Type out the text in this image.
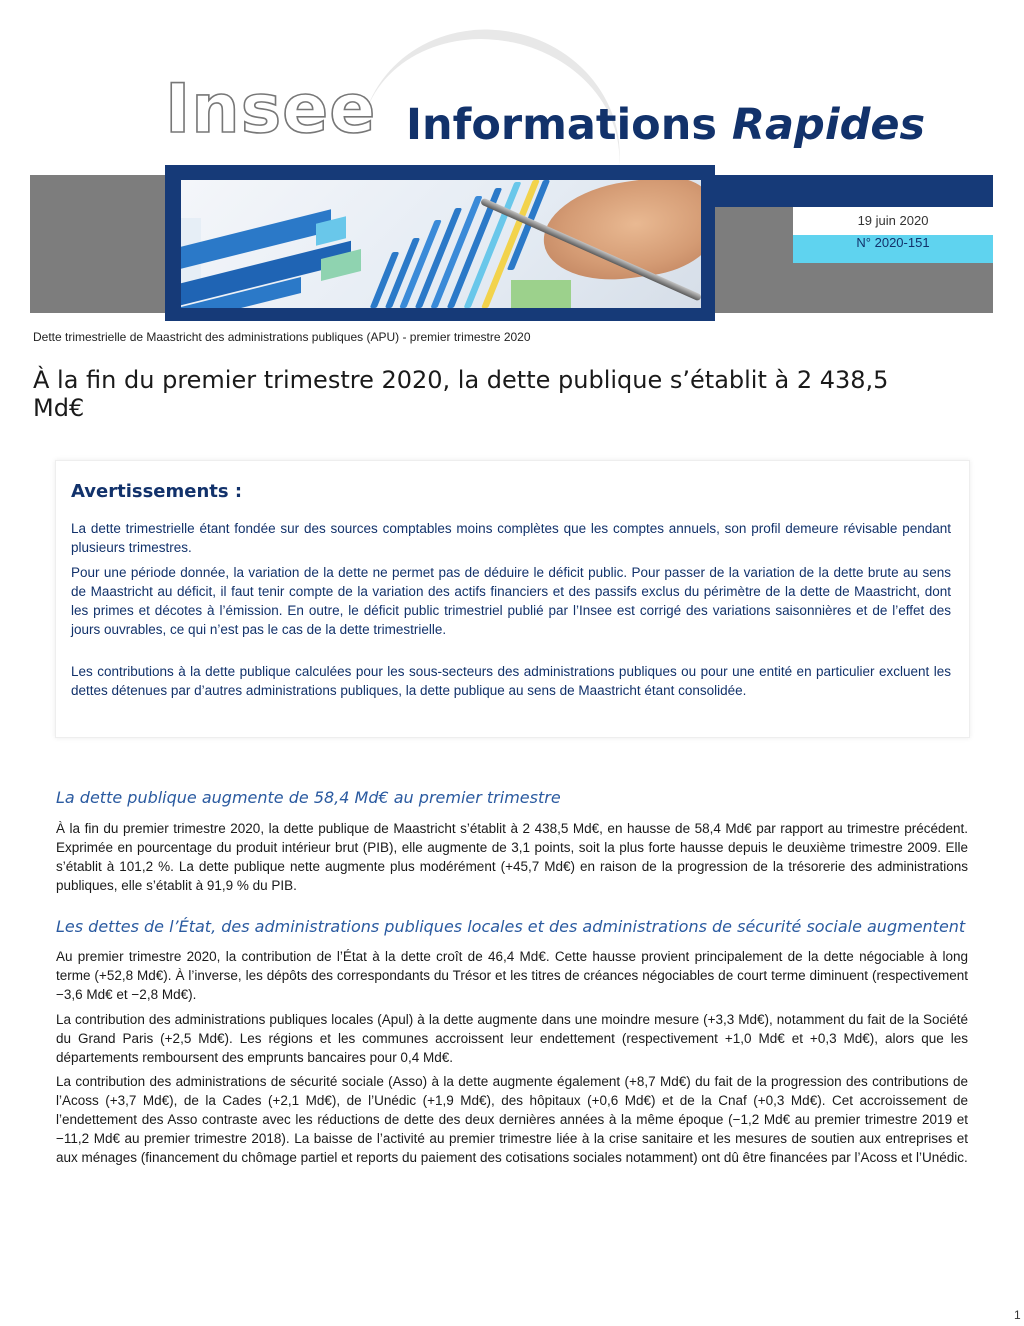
Insee Informations Rapides
19 juin 2020
N° 2020-151

Dette trimestrielle de Maastricht des administrations publiques (APU) - premier trimestre 2020

À la fin du premier trimestre 2020, la dette publique s’établit à 2 438,5 Md€
Avertissements :

La dette trimestrielle étant fondée sur des sources comptables moins complètes que les comptes annuels, son profil demeure révisable pendant plusieurs trimestres.

Pour une période donnée, la variation de la dette ne permet pas de déduire le déficit public. Pour passer de la variation de la dette brute au sens de Maastricht au déficit, il faut tenir compte de la variation des actifs financiers et des passifs exclus du périmètre de la dette de Maastricht, dont les primes et décotes à l’émission. En outre, le déficit public trimestriel publié par l’Insee est corrigé des variations saisonnières et de l’effet des jours ouvrables, ce qui n’est pas le cas de la dette trimestrielle.

Les contributions à la dette publique calculées pour les sous-secteurs des administrations publiques ou pour une entité en particulier excluent les dettes détenues par d’autres administrations publiques, la dette publique au sens de Maastricht étant consolidée.

La dette publique augmente de 58,4 Md€ au premier trimestre

À la fin du premier trimestre 2020, la dette publique de Maastricht s’établit à 2 438,5 Md€, en hausse de 58,4 Md€ par rapport au trimestre précédent. Exprimée en pourcentage du produit intérieur brut (PIB), elle augmente de 3,1 points, soit la plus forte hausse depuis le deuxième trimestre 2009. Elle s’établit à 101,2 %. La dette publique nette augmente plus modérément (+45,7 Md€) en raison de la progression de la trésorerie des administrations publiques, elle s’établit à 91,9 % du PIB.

Les dettes de l’État, des administrations publiques locales et des administrations de sécurité sociale augmentent

Au premier trimestre 2020, la contribution de l’État à la dette croît de 46,4 Md€. Cette hausse provient principalement de la dette négociable à long terme (+52,8 Md€). À l’inverse, les dépôts des correspondants du Trésor et les titres de créances négociables de court terme diminuent (respectivement −3,6 Md€ et −2,8 Md€).

La contribution des administrations publiques locales (Apul) à la dette augmente dans une moindre mesure (+3,3 Md€), notamment du fait de la Société du Grand Paris (+2,5 Md€). Les régions et les communes accroissent leur endettement (respectivement +1,0 Md€ et +0,3 Md€), alors que les départements remboursent des emprunts bancaires pour 0,4 Md€.

La contribution des administrations de sécurité sociale (Asso) à la dette augmente également (+8,7 Md€) du fait de la progression des contributions de l’Acoss (+3,7 Md€), de la Cades (+2,1 Md€), de l’Unédic (+1,9 Md€), des hôpitaux (+0,6 Md€) et de la Cnaf (+0,3 Md€). Cet accroissement de l’endettement des Asso contraste avec les réductions de dette des deux dernières années à la même époque (−1,2 Md€ au premier trimestre 2019 et −11,2 Md€ au premier trimestre 2018). La baisse de l’activité au premier trimestre liée à la crise sanitaire et les mesures de soutien aux entreprises et aux ménages (financement du chômage partiel et reports du paiement des cotisations sociales notamment) ont dû être financées par l’Acoss et l’Unédic.

1
